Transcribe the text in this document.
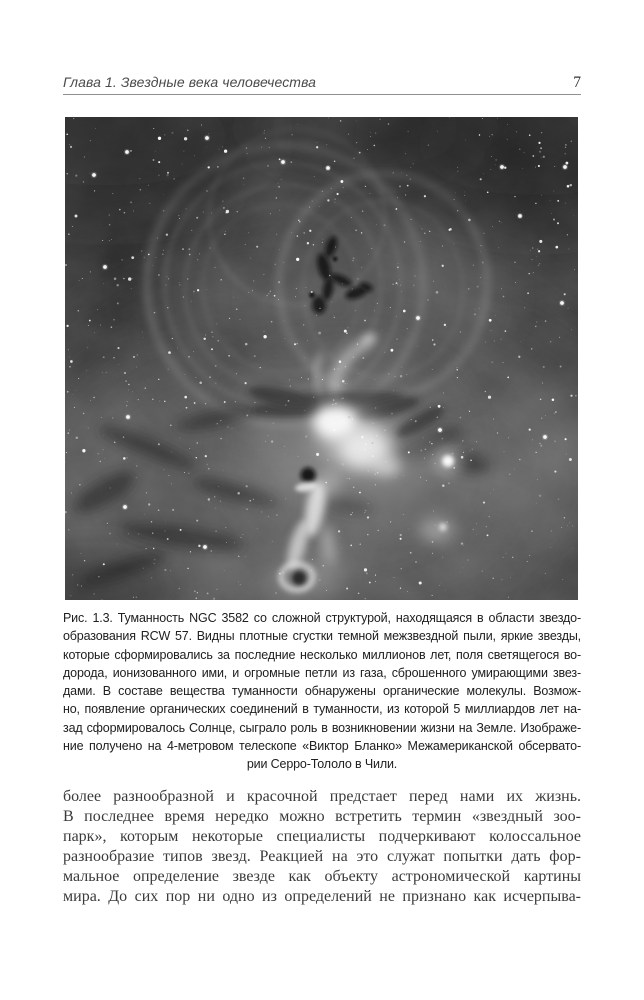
Глава 1. Звездные века человечества	7
Рис. 1.3. Туманность NGC 3582 со сложной структурой, находящаяся в области звездо-
образования RCW 57. Видны плотные сгустки темной межзвездной пыли, яркие звезды,
которые сформировались за последние несколько миллионов лет, поля светящегося во-
дорода, ионизованного ими, и огромные петли из газа, сброшенного умирающими звез-
дами. В составе вещества туманности обнаружены органические молекулы. Возмож-
но, появление органических соединений в туманности, из которой 5 миллиардов лет на-
зад сформировалось Солнце, сыграло роль в возникновении жизни на Земле. Изображе-
ние получено на 4-метровом телескопе «Виктор Бланко» Межамериканской обсервато-
рии Серро-Тололо в Чили.
более разнообразной и красочной предстает перед нами их жизнь.
В последнее время нередко можно встретить термин «звездный зоо-
парк», которым некоторые специалисты подчеркивают колоссальное
разнообразие типов звезд. Реакцией на это служат попытки дать фор-
мальное определение звезде как объекту астрономической картины
мира. До сих пор ни одно из определений не признано как исчерпыва-
